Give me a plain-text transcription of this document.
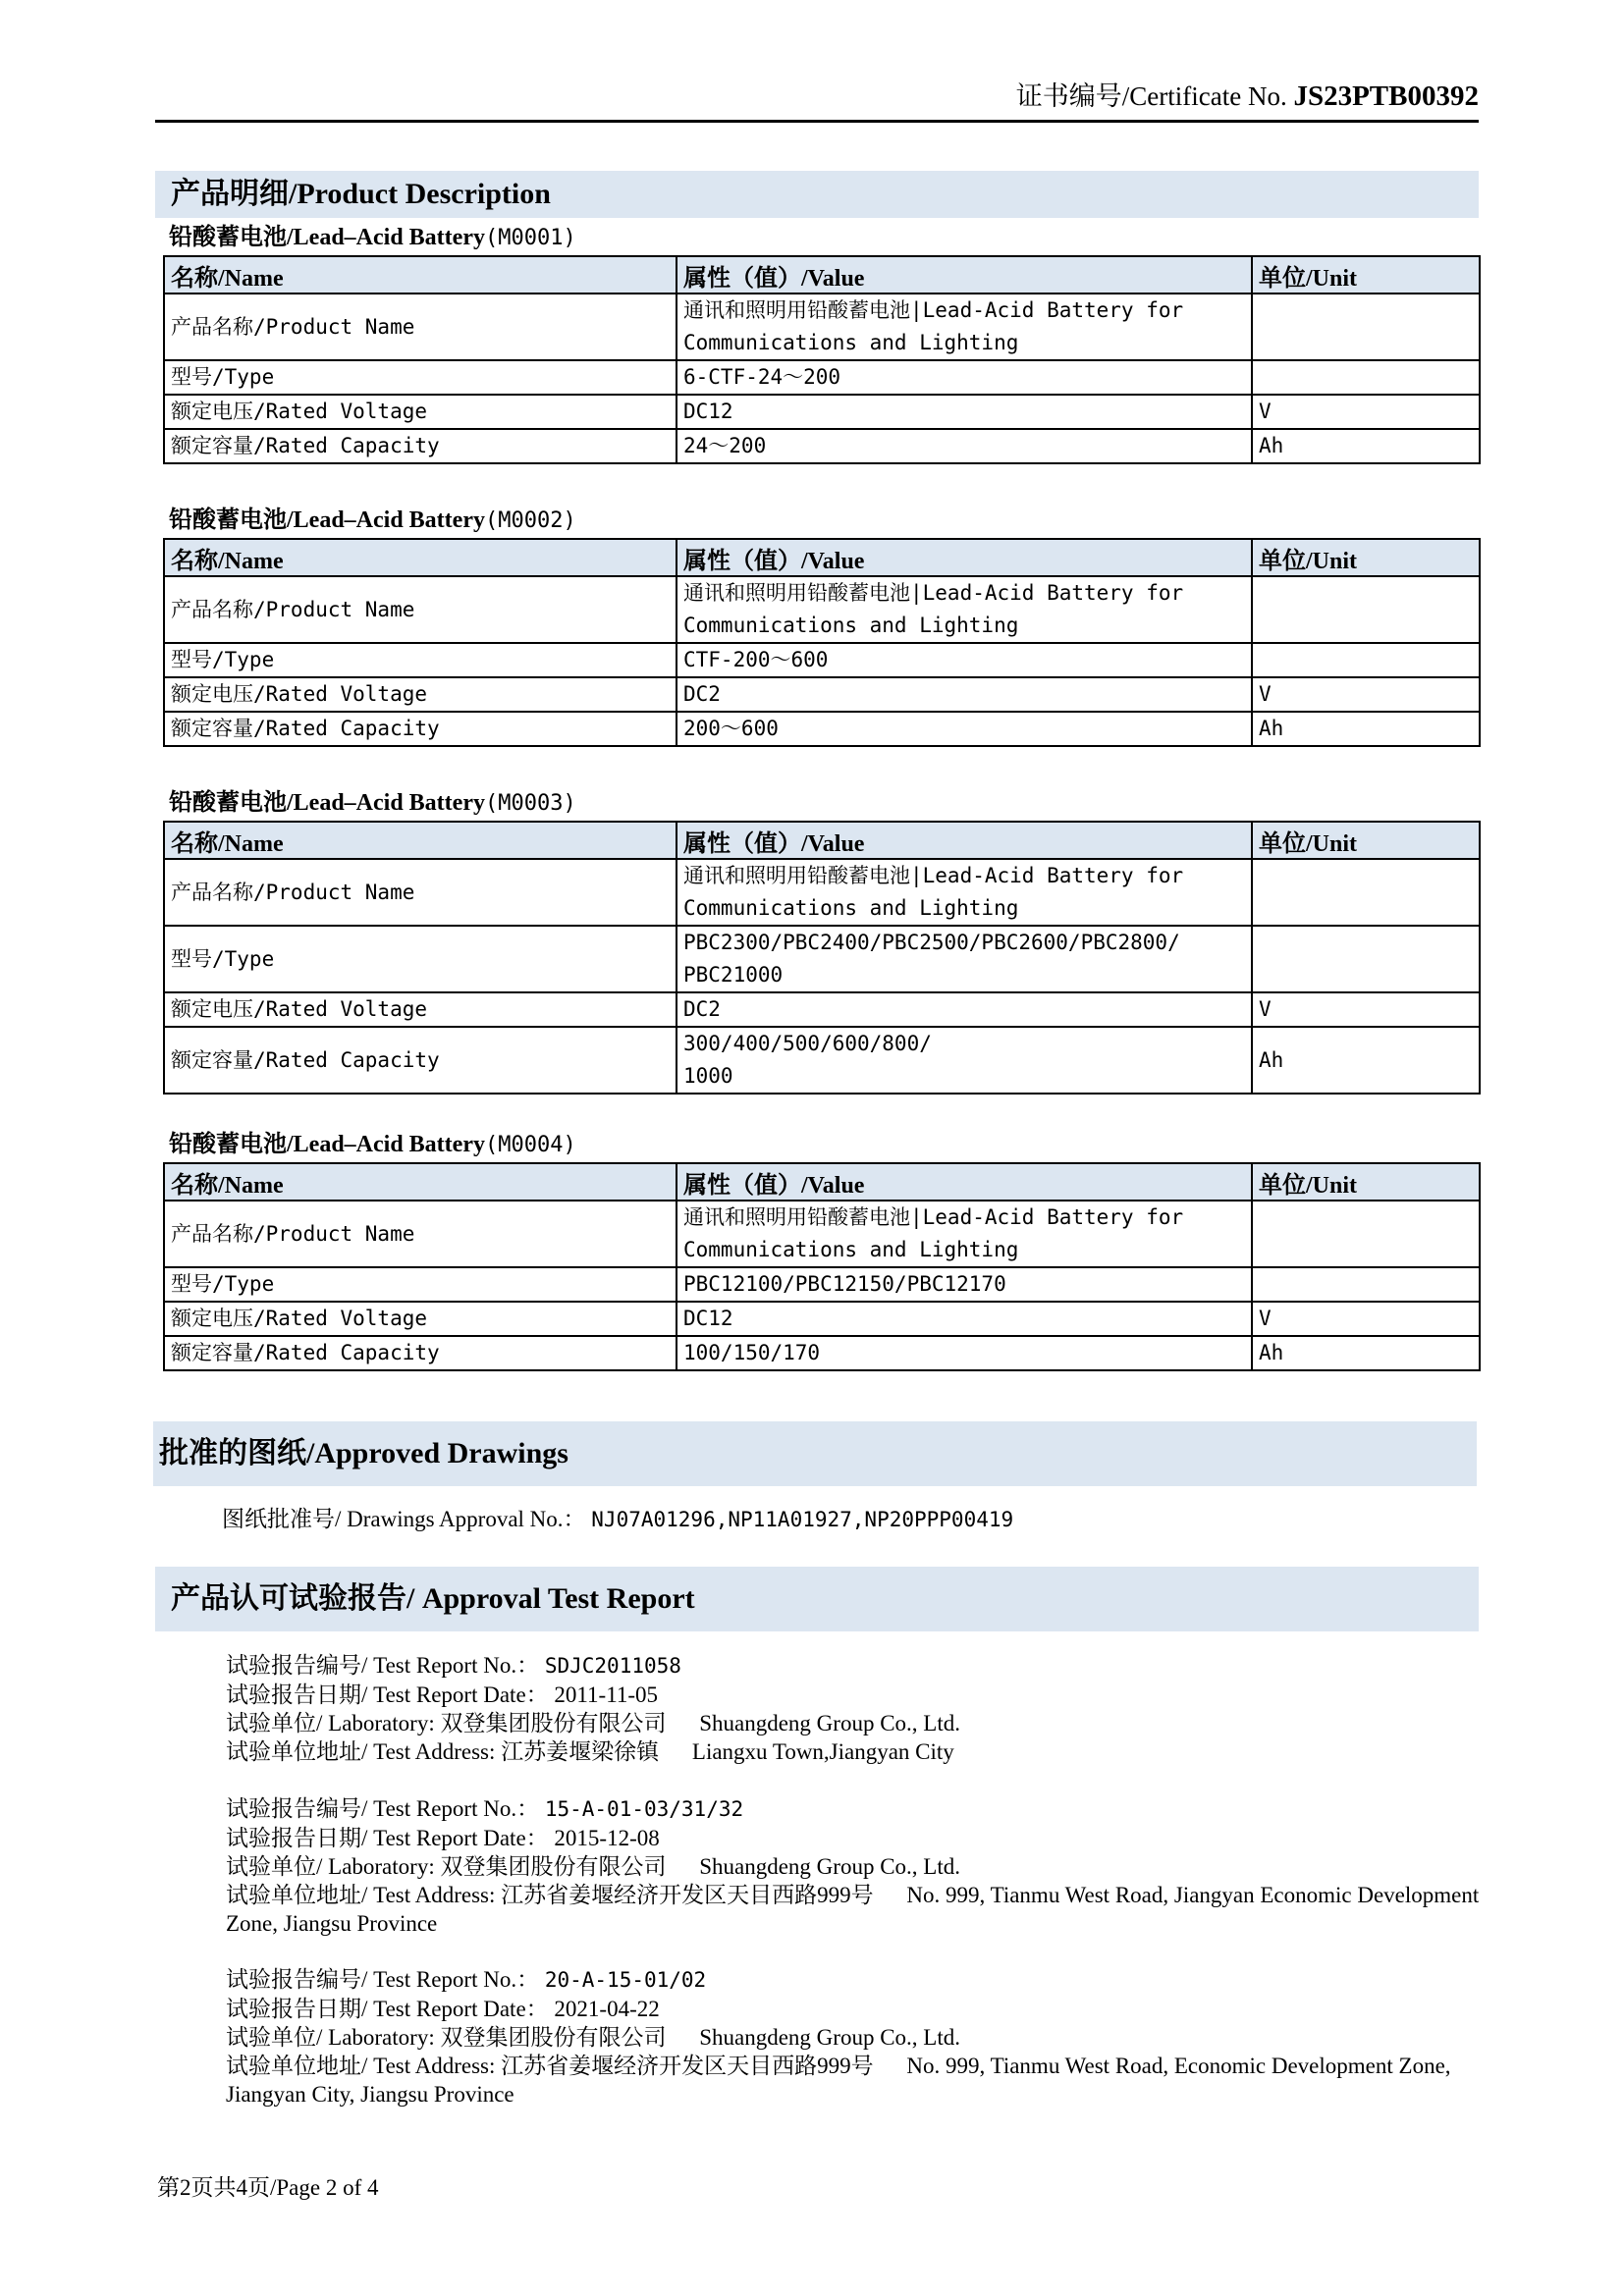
证书编号/Certificate No. JS23PTB00392
产品明细/Product Description
铅酸蓄电池/Lead–Acid Battery(M0001)
名称/Name	属性（值）/Value	单位/Unit
产品名称/Product Name	通讯和照明用铅酸蓄电池|Lead-Acid Battery for
Communications and Lighting	
型号/Type	6-CTF-24～200	
额定电压/Rated Voltage	DC12	V
额定容量/Rated Capacity	24～200	Ah
铅酸蓄电池/Lead–Acid Battery(M0002)
名称/Name	属性（值）/Value	单位/Unit
产品名称/Product Name	通讯和照明用铅酸蓄电池|Lead-Acid Battery for
Communications and Lighting	
型号/Type	CTF-200～600	
额定电压/Rated Voltage	DC2	V
额定容量/Rated Capacity	200～600	Ah
铅酸蓄电池/Lead–Acid Battery(M0003)
名称/Name	属性（值）/Value	单位/Unit
产品名称/Product Name	通讯和照明用铅酸蓄电池|Lead-Acid Battery for
Communications and Lighting	
型号/Type	PBC2300/PBC2400/PBC2500/PBC2600/PBC2800/
PBC21000	
额定电压/Rated Voltage	DC2	V
额定容量/Rated Capacity	300/400/500/600/800/
1000	Ah
铅酸蓄电池/Lead–Acid Battery(M0004)
名称/Name	属性（值）/Value	单位/Unit
产品名称/Product Name	通讯和照明用铅酸蓄电池|Lead-Acid Battery for
Communications and Lighting	
型号/Type	PBC12100/PBC12150/PBC12170	
额定电压/Rated Voltage	DC12	V
额定容量/Rated Capacity	100/150/170	Ah
批准的图纸/Approved Drawings
图纸批准号/ Drawings Approval No.： NJ07A01296,NP11A01927,NP20PPP00419
产品认可试验报告/ Approval Test Report
试验报告编号/ Test Report No.： SDJC2011058
试验报告日期/ Test Report Date： 2011-11-05
试验单位/ Laboratory: 双登集团股份有限公司 Shuangdeng Group Co., Ltd.
试验单位地址/ Test Address: 江苏姜堰梁徐镇 Liangxu Town,Jiangyan City
试验报告编号/ Test Report No.： 15-A-01-03/31/32
试验报告日期/ Test Report Date： 2015-12-08
试验单位/ Laboratory: 双登集团股份有限公司 Shuangdeng Group Co., Ltd.
试验单位地址/ Test Address: 江苏省姜堰经济开发区天目西路999号 No. 999, Tianmu West Road, Jiangyan Economic Development Zone, Jiangsu Province
试验报告编号/ Test Report No.： 20-A-15-01/02
试验报告日期/ Test Report Date： 2021-04-22
试验单位/ Laboratory: 双登集团股份有限公司 Shuangdeng Group Co., Ltd.
试验单位地址/ Test Address: 江苏省姜堰经济开发区天目西路999号 No. 999, Tianmu West Road, Economic Development Zone, Jiangyan City, Jiangsu Province
第2页共4页/Page 2 of 4
